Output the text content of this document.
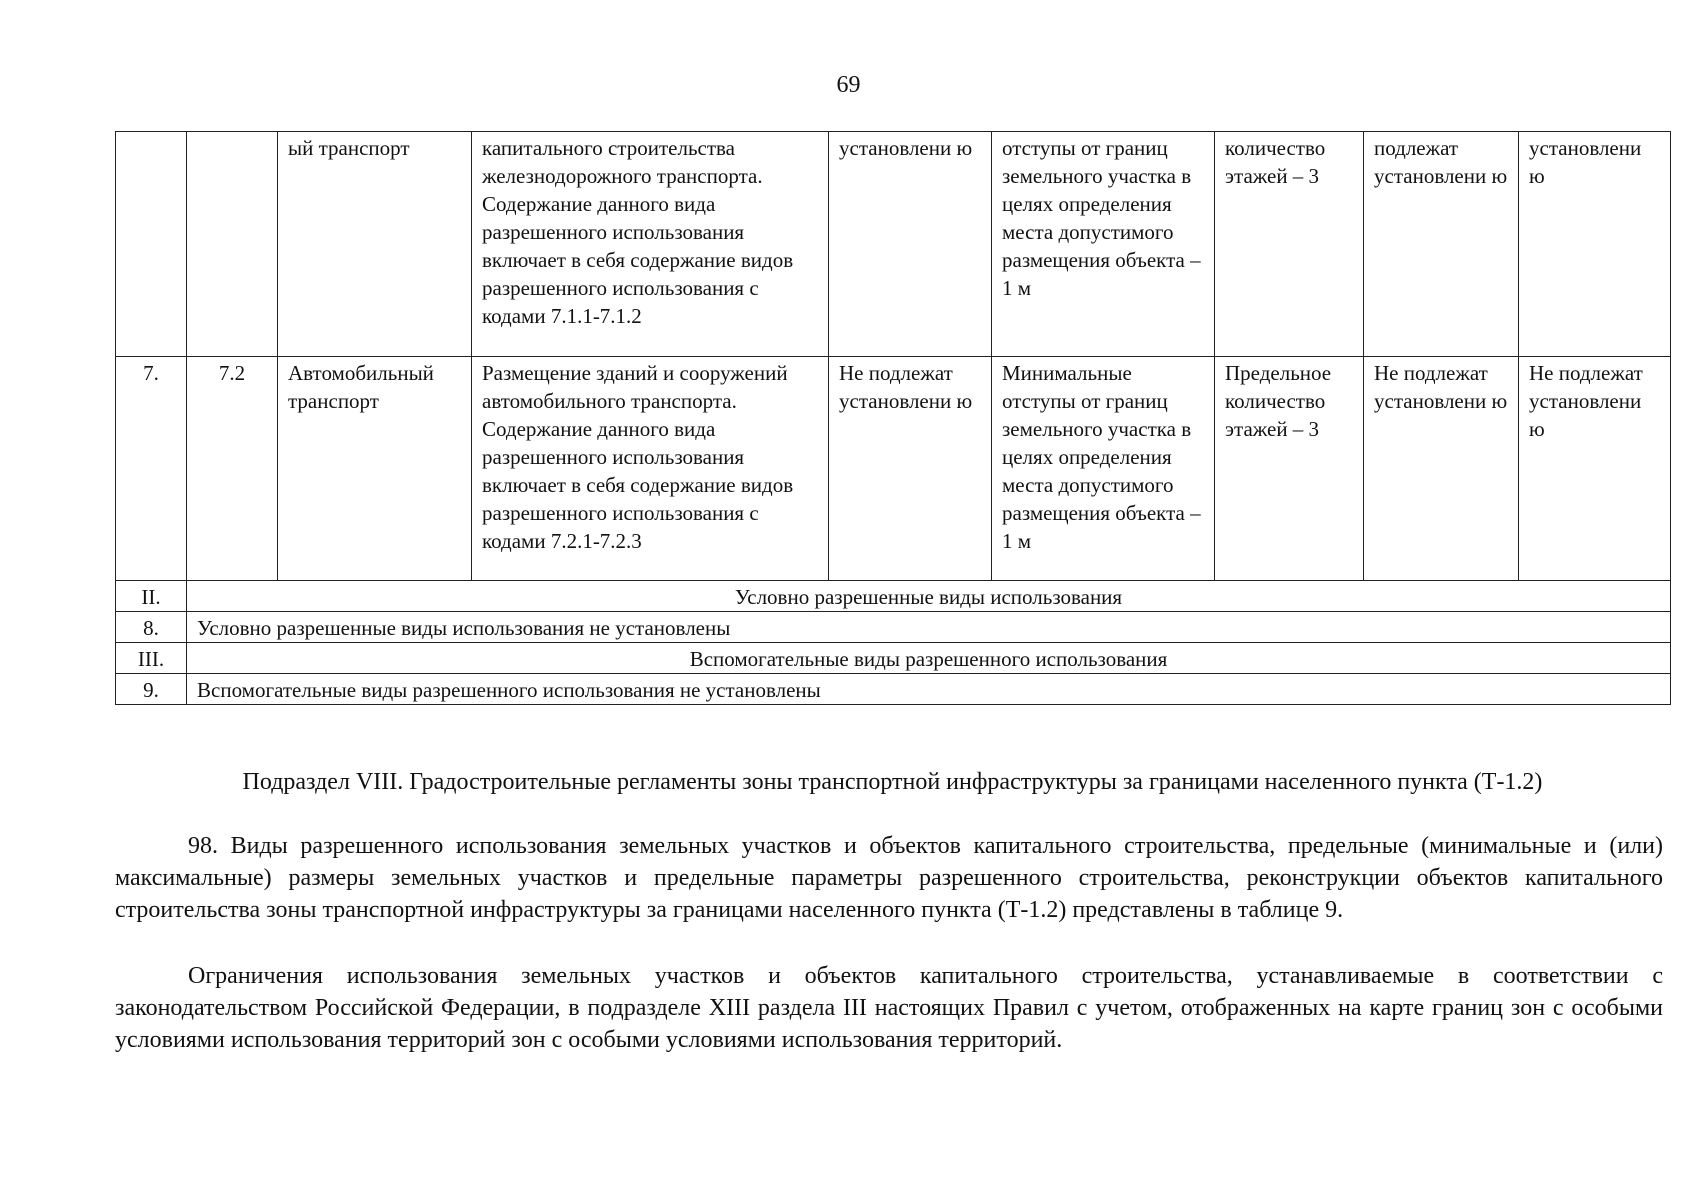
69
		ый транспорт	капитального строительства железнодорожного транспорта. Содержание данного вида разрешенного использования включает в себя содержание видов разрешенного использования с кодами 7.1.1-7.1.2	установлени ю	отступы от границ земельного участка в целях определения места допустимого размещения объекта – 1 м	количество этажей – 3	подлежат установлени ю	установлени ю
7.	7.2	Автомобильный транспорт	Размещение зданий и сооружений автомобильного транспорта. Содержание данного вида разрешенного использования включает в себя содержание видов разрешенного использования с кодами 7.2.1-7.2.3	Не подлежат установлени ю	Минимальные отступы от границ земельного участка в целях определения места допустимого размещения объекта – 1 м	Предельное количество этажей – 3	Не подлежат установлени ю	Не подлежат установлени ю
II.	Условно разрешенные виды использования							
8.	Условно разрешенные виды использования не установлены							
III.	Вспомогательные виды разрешенного использования							
9.	Вспомогательные виды разрешенного использования не установлены							
Подраздел VIII. Градостроительные регламенты зоны транспортной инфраструктуры за границами населенного пункта (Т-1.2)

98. Виды разрешенного использования земельных участков и объектов капитального строительства, предельные (минимальные и (или) максимальные) размеры земельных участков и предельные параметры разрешенного строительства, реконструкции объектов капитального строительства зоны транспортной инфраструктуры за границами населенного пункта (Т-1.2) представлены в таблице 9.

Ограничения использования земельных участков и объектов капитального строительства, устанавливаемые в соответствии с законодательством Российской Федерации, в подразделе XIII раздела III настоящих Правил с учетом, отображенных на карте границ зон с особыми условиями использования территорий зон с особыми условиями использования территорий.
